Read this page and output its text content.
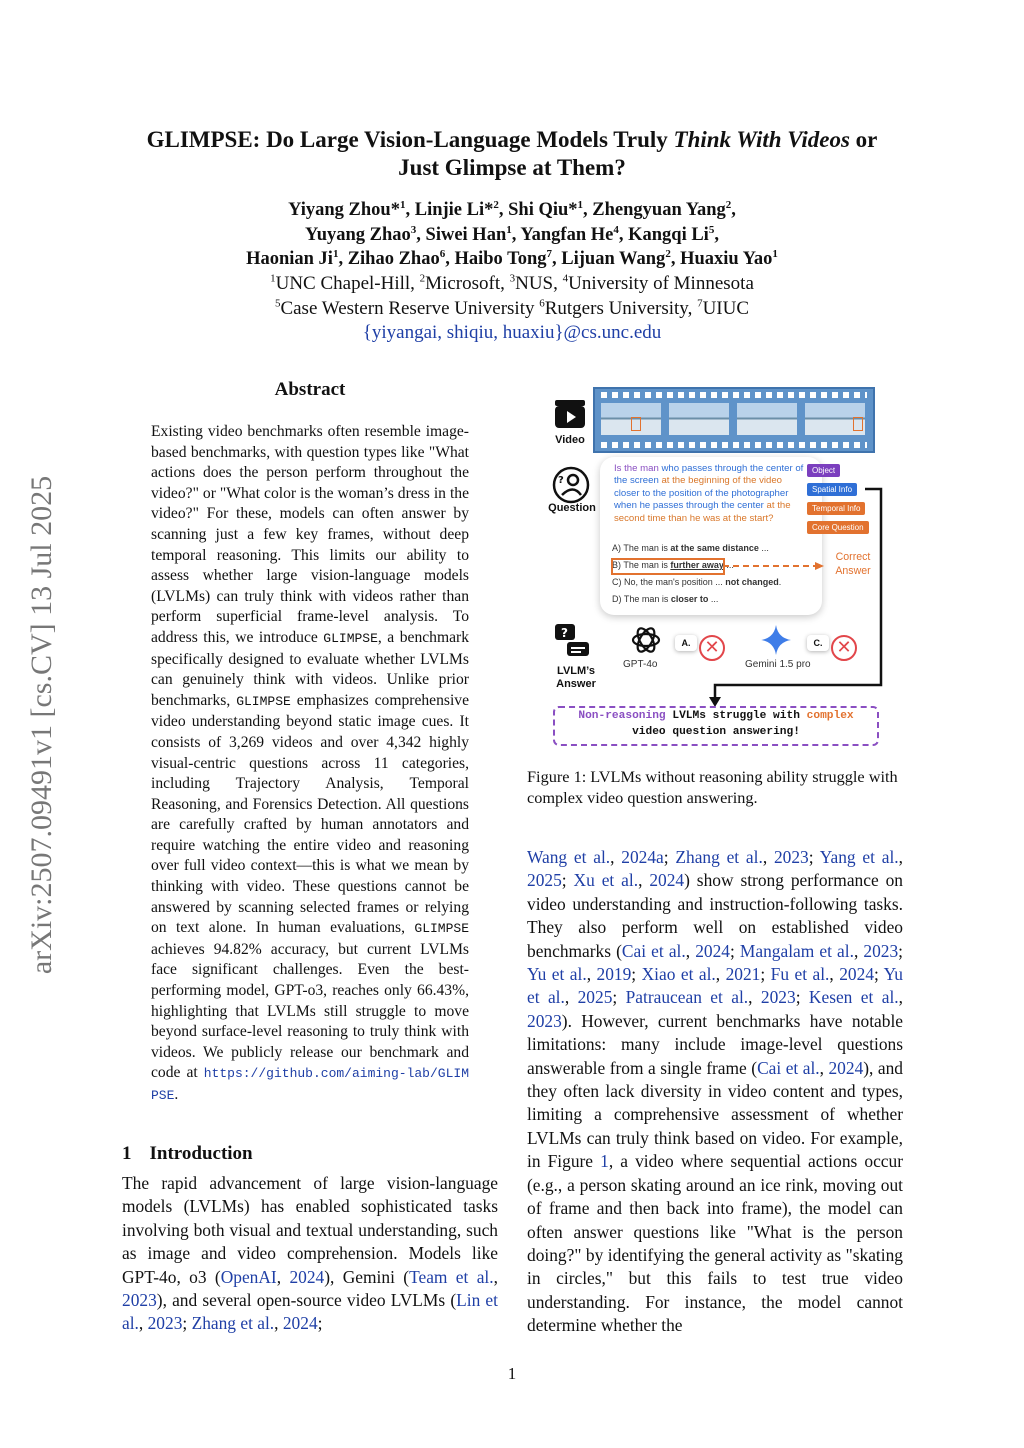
arXiv:2507.09491v1 [cs.CV] 13 Jul 2025
GLIMPSE: Do Large Vision-Language Models Truly Think With Videos or
Just Glimpse at Them?
Yiyang Zhou*$^1$, Linjie Li*$^2$, Shi Qiu*$^1$, Zhengyuan Yang$^2$,
Yuyang Zhao$^3$, Siwei Han$^1$, Yangfan He$^4$, Kangqi Li$^5$,
Haonian Ji$^1$, Zihao Zhao$^6$, Haibo Tong$^7$, Lijuan Wang$^2$, Huaxiu Yao$^1$
$^1$UNC Chapel-Hill, $^2$Microsoft, $^3$NUS, $^4$University of Minnesota
$^5$Case Western Reserve University $^6$Rutgers University, $^7$UIUC
{yiyangai, shiqiu, huaxiu}@cs.unc.edu
Abstract
Existing video benchmarks often resemble image-based benchmarks, with question types like "What actions does the person perform throughout the video?" or "What color is the woman’s dress in the video?" For these, models can often answer by scanning just a few key frames, without deep temporal reasoning. This limits our ability to assess whether large vision-language models (LVLMs) can truly think with videos rather than perform superficial frame-level analysis. To address this, we introduce GLIMPSE, a benchmark specifically designed to evaluate whether LVLMs can genuinely think with videos. Unlike prior benchmarks, GLIMPSE emphasizes comprehensive video understanding beyond static image cues. It consists of 3,269 videos and over 4,342 highly visual-centric questions across 11 categories, including Trajectory Analysis, Temporal Reasoning, and Forensics Detection. All questions are carefully crafted by human annotators and require watching the entire video and reasoning over full video context—this is what we mean by thinking with video. These questions cannot be answered by scanning selected frames or relying on text alone. In human evaluations, GLIMPSE achieves 94.82% accuracy, but current LVLMs face significant challenges. Even the best-performing model, GPT-o3, reaches only 66.43%, highlighting that LVLMs still struggle to move beyond surface-level reasoning to truly think with videos. We publicly release our benchmark and code at https://github.com/aiming-lab/GLIMPSE.
1 Introduction
The rapid advancement of large vision-language models (LVLMs) has enabled sophisticated tasks involving both visual and textual understanding, such as image and video comprehension. Models like GPT-4o, o3 (OpenAI, 2024), Gemini (Team et al., 2023), and several open-source video LVLMs (Lin et al., 2023; Zhang et al., 2024;
Video
?
Question
Is the man who passes through the center of the screen at the beginning of the video closer to the position of the photographer when he passes through the center at the second time than he was at the start?
A) The man is at the same distance ...
B) The man is further away ...
C) No, the man's position ... not changed.
D) The man is closer to ...
Object
Spatial Info
Temporal Info
Core Question
Correct
Answer
?
LVLM’s
Answer
GPT-4o
A. ✕
Gemini 1.5 pro
C. ✕
Non-reasoning LVLMs struggle with complex
video question answering!
Figure 1: LVLMs without reasoning ability struggle with complex video question answering.
Wang et al., 2024a; Zhang et al., 2023; Yang et al., 2025; Xu et al., 2024) show strong performance on video understanding and instruction-following tasks. They also perform well on established video benchmarks (Cai et al., 2024; Mangalam et al., 2023; Yu et al., 2019; Xiao et al., 2021; Fu et al., 2024; Yu et al., 2025; Patraucean et al., 2023; Kesen et al., 2023). However, current benchmarks have notable limitations: many include image-level questions answerable from a single frame (Cai et al., 2024), and they often lack diversity in video content and types, limiting a comprehensive assessment of whether LVLMs can truly think based on video. For example, in Figure 1, a video where sequential actions occur (e.g., a person skating around an ice rink, moving out of frame and then back into frame), the model can often answer questions like "What is the person doing?" by identifying the general activity as "skating in circles," but this fails to test true video understanding. For instance, the model cannot determine whether the
1
